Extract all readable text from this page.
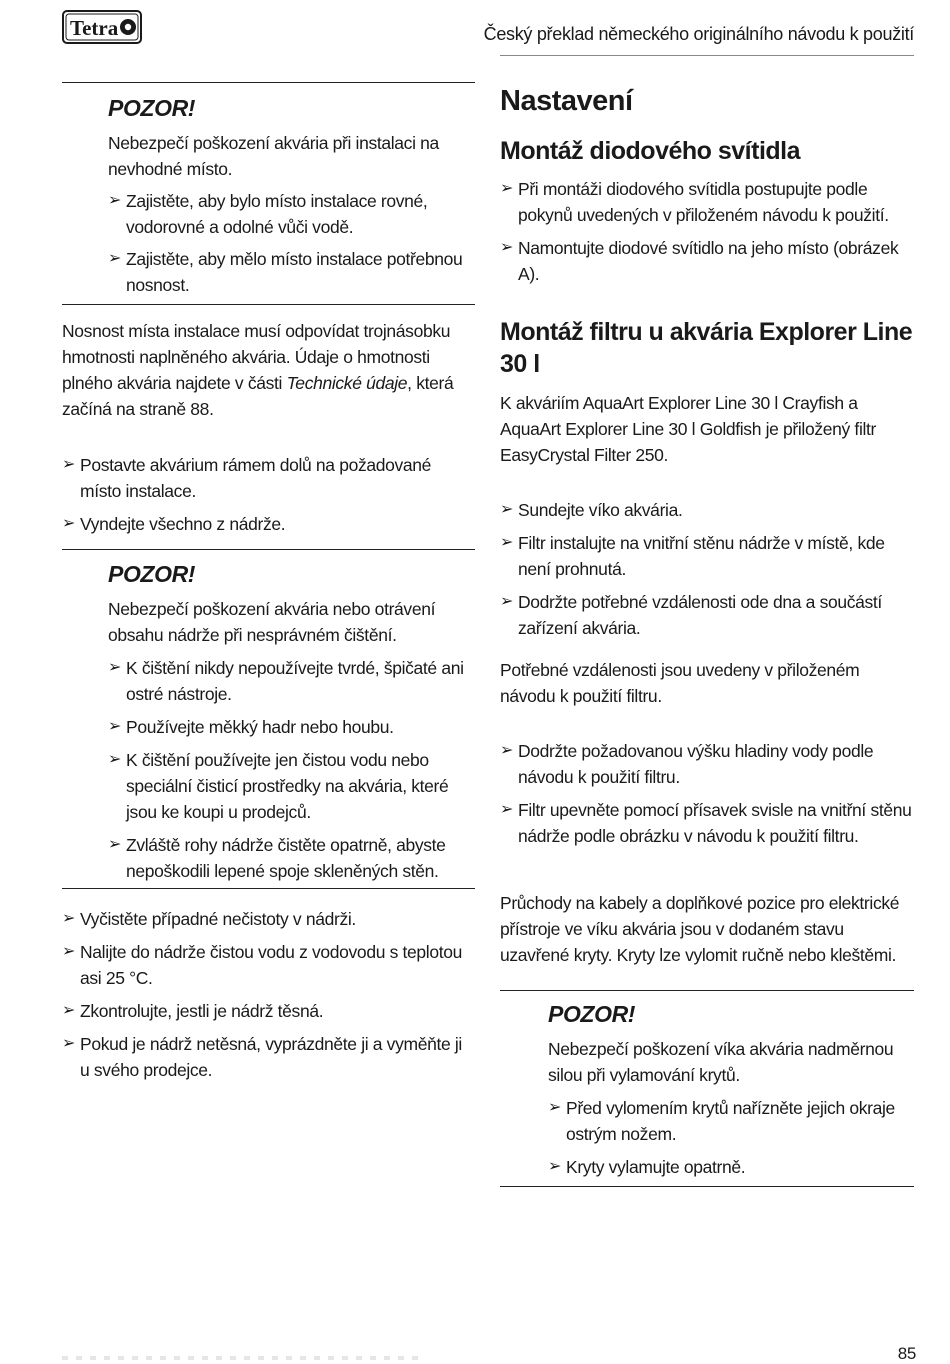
Tetra	Český překlad německého originálního návodu k použití

POZOR!

Nebezpečí poškození akvária při instalaci na nevhodné místo.

➢ Zajistěte, aby bylo místo instalace rovné, vodorovné a odolné vůči vodě.
➢ Zajistěte, aby mělo místo instalace potřebnou nosnost.

Nosnost místa instalace musí odpovídat trojnásobku hmotnosti naplněného akvária. Údaje o hmotnosti plného akvária najdete v části Technické údaje, která začíná na straně 88.

➢ Postavte akvárium rámem dolů na požadované místo instalace.
➢ Vyndejte všechno z nádrže.

POZOR!

Nebezpečí poškození akvária nebo otrávení obsahu nádrže při nesprávném čištění.

➢ K čištění nikdy nepoužívejte tvrdé, špičaté ani ostré nástroje.
➢ Používejte měkký hadr nebo houbu.
➢ K čištění používejte jen čistou vodu nebo speciální čisticí prostředky na akvária, které jsou ke koupi u prodejců.
➢ Zvláště rohy nádrže čistěte opatrně, abyste nepoškodili lepené spoje skleněných stěn.
➢ Vyčistěte případné nečistoty v nádrži.
➢ Nalijte do nádrže čistou vodu z vodovodu s teplotou asi 25 °C.
➢ Zkontrolujte, jestli je nádrž těsná.
➢ Pokud je nádrž netěsná, vyprázdněte ji a vyměňte ji u svého prodejce.

Nastavení

Montáž diodového svítidla

➢ Při montáži diodového svítidla postupujte podle pokynů uvedených v přiloženém návodu k použití.
➢ Namontujte diodové svítidlo na jeho místo (obrázek A).

Montáž filtru u akvária Explorer Line 30 l

K akváriím AquaArt Explorer Line 30 l Crayfish a AquaArt Explorer Line 30 l Goldfish je přiložený filtr EasyCrystal Filter 250.

➢ Sundejte víko akvária.
➢ Filtr instalujte na vnitřní stěnu nádrže v místě, kde není prohnutá.
➢ Dodržte potřebné vzdálenosti ode dna a součástí zařízení akvária.

Potřebné vzdálenosti jsou uvedeny v přiloženém návodu k použití filtru.

➢ Dodržte požadovanou výšku hladiny vody podle návodu k použití filtru.
➢ Filtr upevněte pomocí přísavek svisle na vnitřní stěnu nádrže podle obrázku v návodu k použití filtru.

Průchody na kabely a doplňkové pozice pro elektrické přístroje ve víku akvária jsou v dodaném stavu uzavřené kryty. Kryty lze vylomit ručně nebo kleštěmi.

POZOR!

Nebezpečí poškození víka akvária nadměrnou silou při vylamování krytů.

➢ Před vylomením krytů nařízněte jejich okraje ostrým nožem.
➢ Kryty vylamujte opatrně.
85
